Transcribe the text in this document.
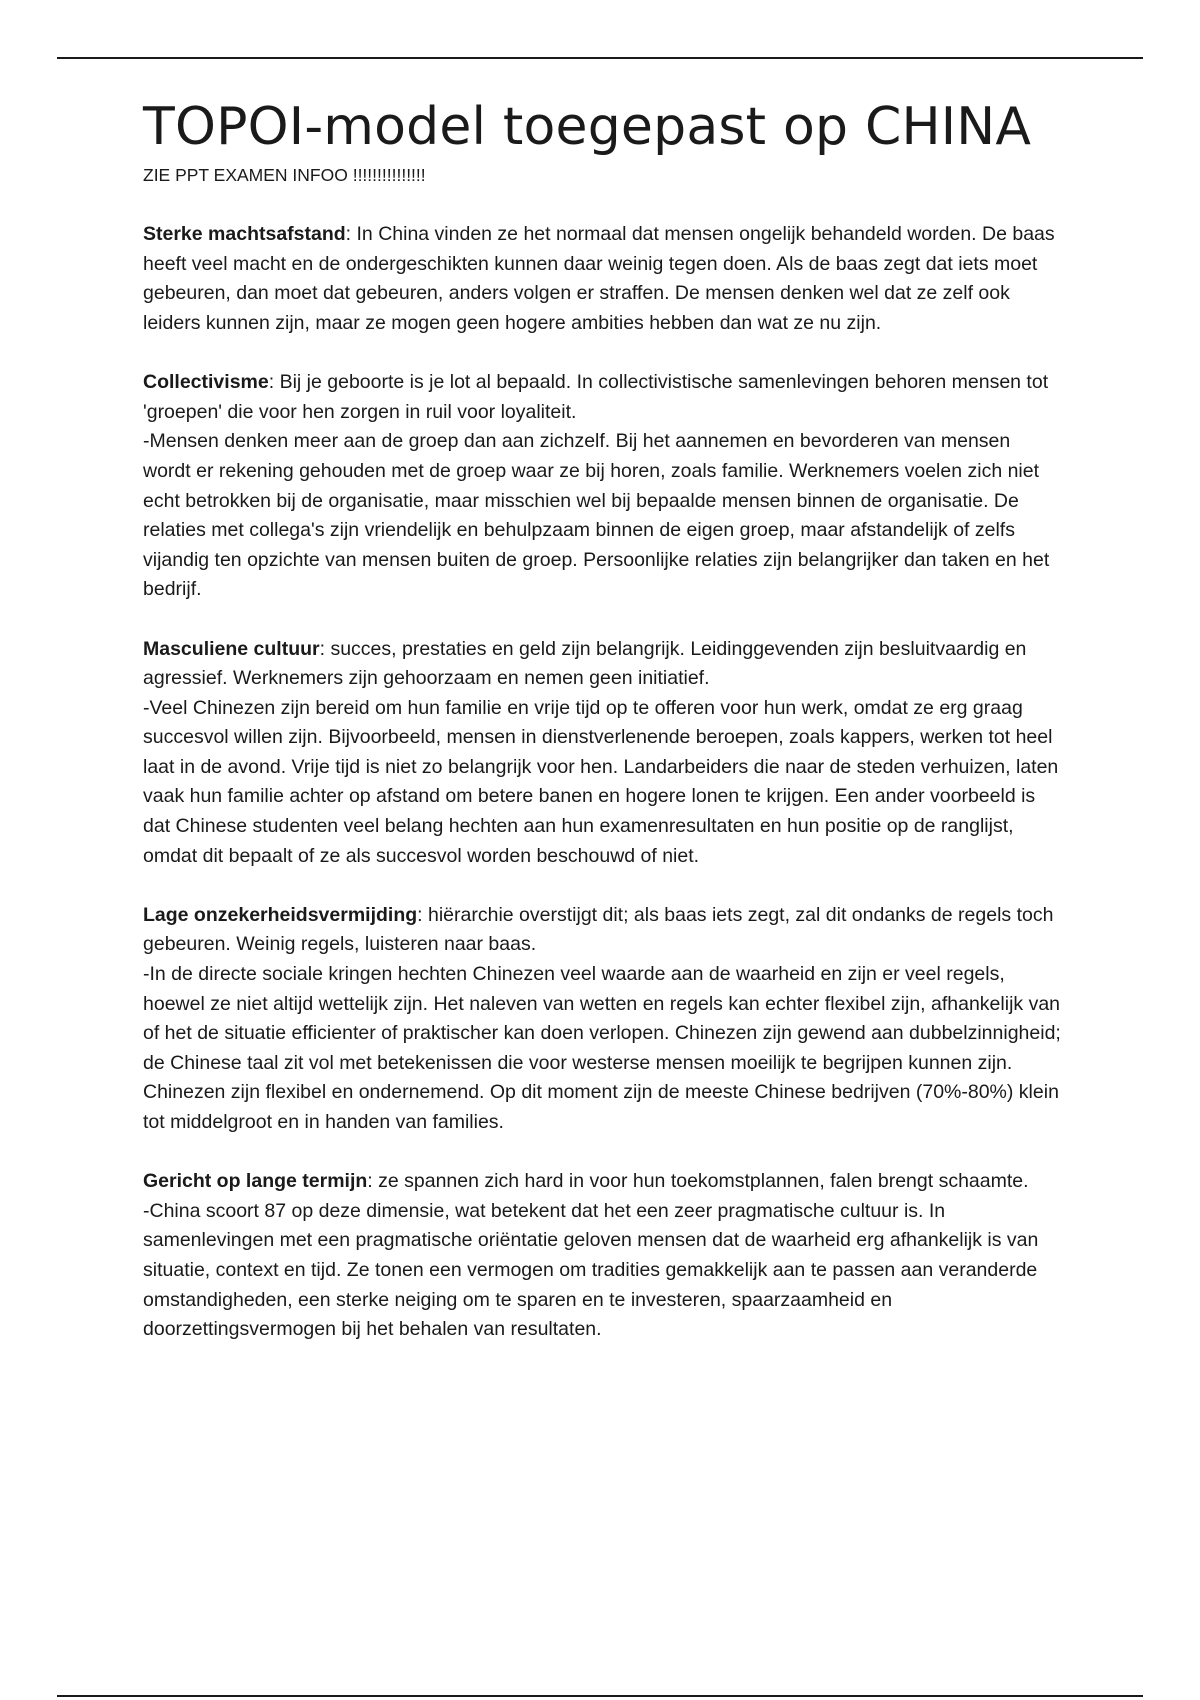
TOPOI-model toegepast op CHINA
ZIE PPT EXAMEN INFOO !!!!!!!!!!!!!!!

Sterke machtsafstand: In China vinden ze het normaal dat mensen ongelijk behandeld worden. De baas heeft veel macht en de ondergeschikten kunnen daar weinig tegen doen. Als de baas zegt dat iets moet gebeuren, dan moet dat gebeuren, anders volgen er straffen. De mensen denken wel dat ze zelf ook leiders kunnen zijn, maar ze mogen geen hogere ambities hebben dan wat ze nu zijn.

Collectivisme: Bij je geboorte is je lot al bepaald. In collectivistische samenlevingen behoren mensen tot 'groepen' die voor hen zorgen in ruil voor loyaliteit.

-Mensen denken meer aan de groep dan aan zichzelf. Bij het aannemen en bevorderen van mensen wordt er rekening gehouden met de groep waar ze bij horen, zoals familie. Werknemers voelen zich niet echt betrokken bij de organisatie, maar misschien wel bij bepaalde mensen binnen de organisatie. De relaties met collega's zijn vriendelijk en behulpzaam binnen de eigen groep, maar afstandelijk of zelfs vijandig ten opzichte van mensen buiten de groep. Persoonlijke relaties zijn belangrijker dan taken en het bedrijf.

Masculiene cultuur: succes, prestaties en geld zijn belangrijk. Leidinggevenden zijn besluitvaardig en agressief. Werknemers zijn gehoorzaam en nemen geen initiatief.

-Veel Chinezen zijn bereid om hun familie en vrije tijd op te offeren voor hun werk, omdat ze erg graag succesvol willen zijn. Bijvoorbeeld, mensen in dienstverlenende beroepen, zoals kappers, werken tot heel laat in de avond. Vrije tijd is niet zo belangrijk voor hen. Landarbeiders die naar de steden verhuizen, laten vaak hun familie achter op afstand om betere banen en hogere lonen te krijgen. Een ander voorbeeld is dat Chinese studenten veel belang hechten aan hun examenresultaten en hun positie op de ranglijst, omdat dit bepaalt of ze als succesvol worden beschouwd of niet.

Lage onzekerheidsvermijding: hiërarchie overstijgt dit; als baas iets zegt, zal dit ondanks de regels toch gebeuren. Weinig regels, luisteren naar baas.

-In de directe sociale kringen hechten Chinezen veel waarde aan de waarheid en zijn er veel regels, hoewel ze niet altijd wettelijk zijn. Het naleven van wetten en regels kan echter flexibel zijn, afhankelijk van of het de situatie efficienter of praktischer kan doen verlopen. Chinezen zijn gewend aan dubbelzinnigheid; de Chinese taal zit vol met betekenissen die voor westerse mensen moeilijk te begrijpen kunnen zijn. Chinezen zijn flexibel en ondernemend. Op dit moment zijn de meeste Chinese bedrijven (70%-80%) klein tot middelgroot en in handen van families.

Gericht op lange termijn: ze spannen zich hard in voor hun toekomstplannen, falen brengt schaamte.

-China scoort 87 op deze dimensie, wat betekent dat het een zeer pragmatische cultuur is. In samenlevingen met een pragmatische oriëntatie geloven mensen dat de waarheid erg afhankelijk is van situatie, context en tijd. Ze tonen een vermogen om tradities gemakkelijk aan te passen aan veranderde omstandigheden, een sterke neiging om te sparen en te investeren, spaarzaamheid en doorzettingsvermogen bij het behalen van resultaten.
